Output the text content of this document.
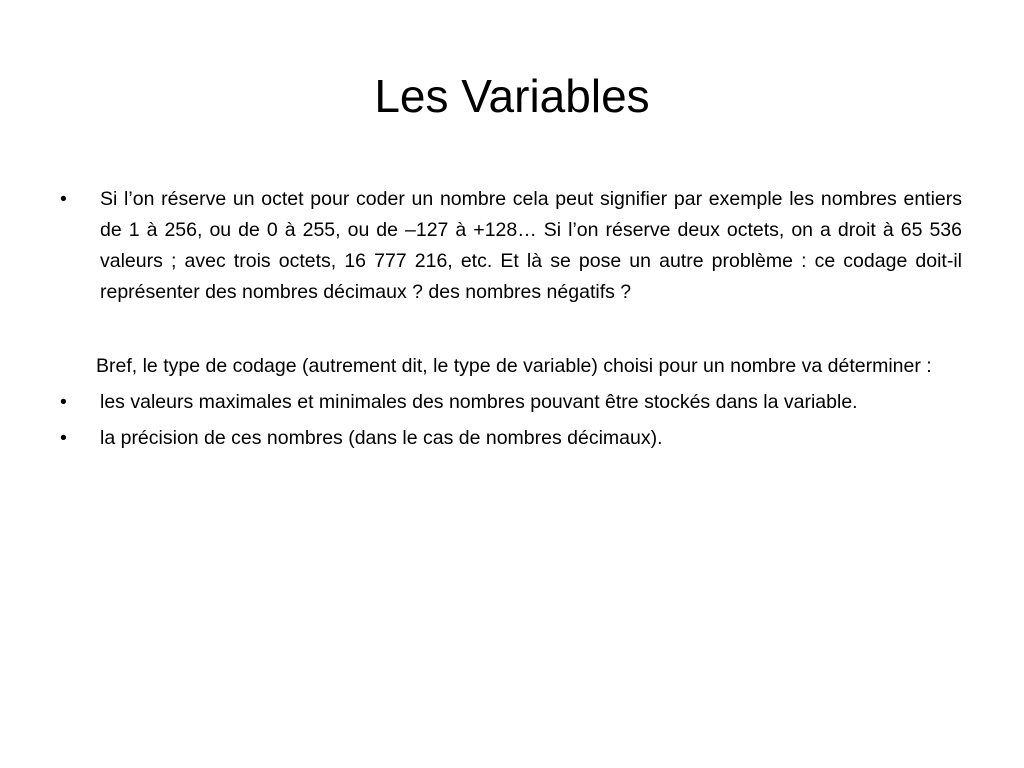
Les Variables

•	Si l’on réserve un octet pour coder un nombre cela peut signifier par exemple les nombres entiers de 1 à 256, ou de 0 à 255, ou de –127 à +128… Si l’on réserve deux octets, on a droit à 65 536 valeurs ; avec trois octets, 16 777 216, etc. Et là se pose un autre problème : ce codage doit-il représenter des nombres décimaux ? des nombres négatifs ?

Bref, le type de codage (autrement dit, le type de variable) choisi pour un nombre va déterminer :

•	les valeurs maximales et minimales des nombres pouvant être stockés dans la variable.

•	la précision de ces nombres (dans le cas de nombres décimaux).
